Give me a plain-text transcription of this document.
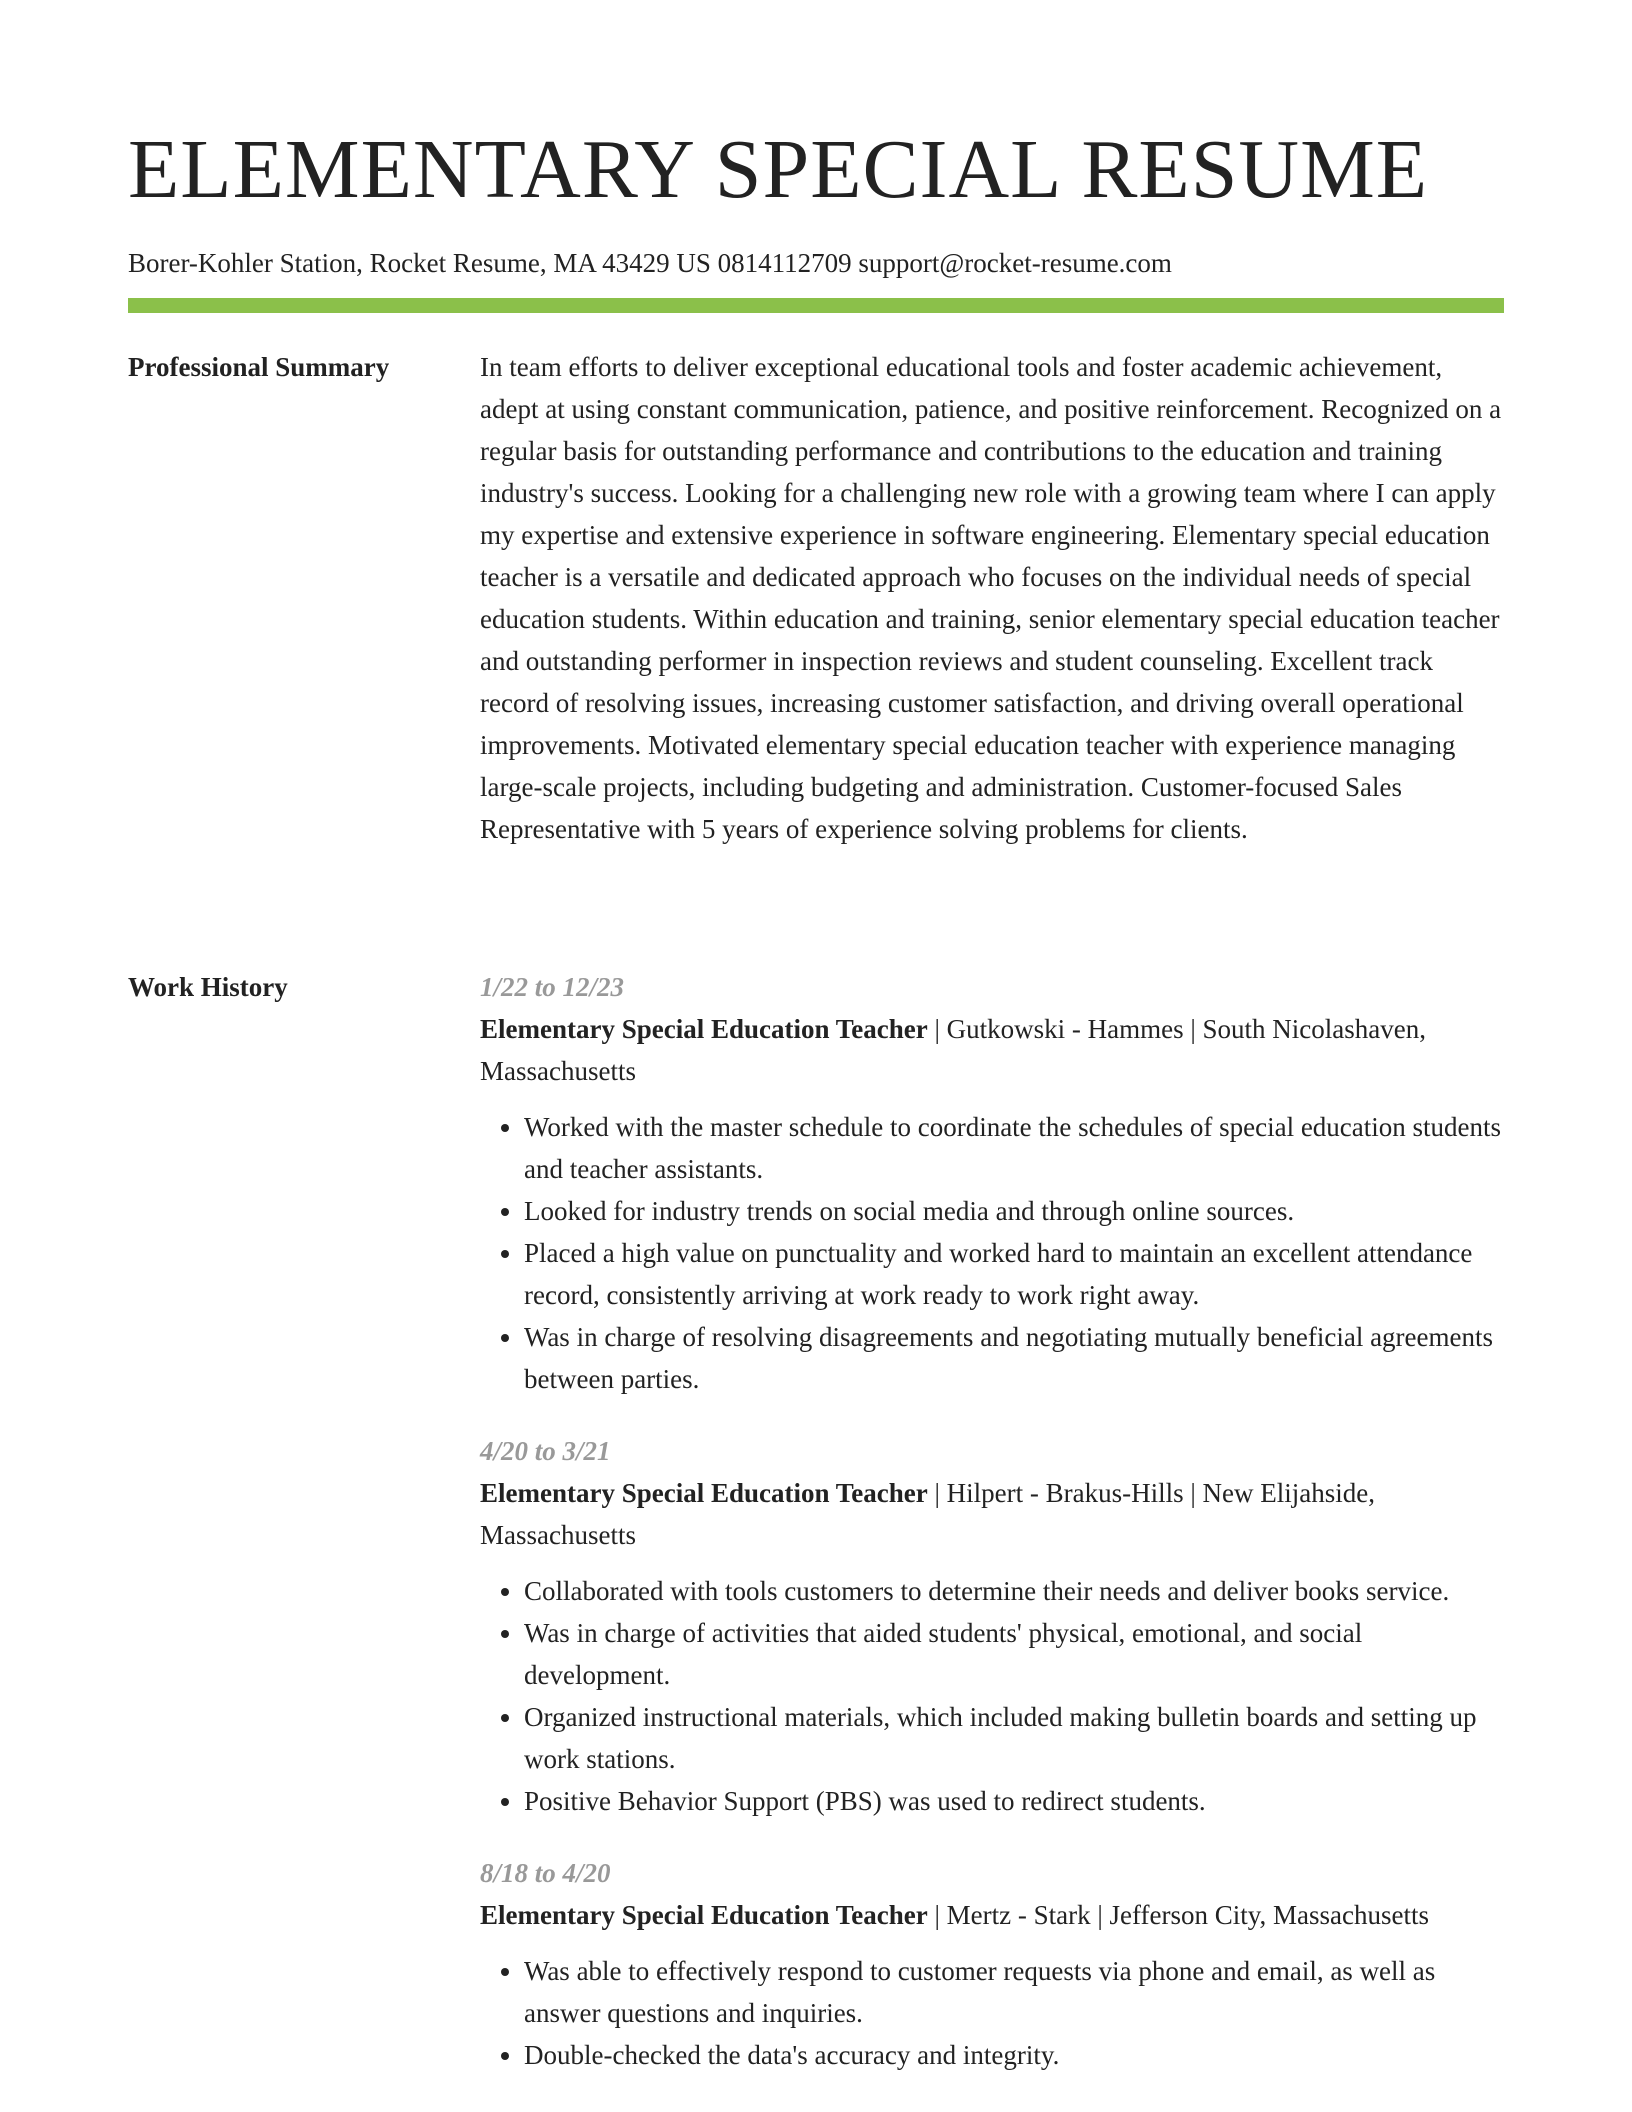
ELEMENTARY SPECIAL RESUME
Borer-Kohler Station, Rocket Resume, MA 43429 US 0814112709 support@rocket-resume.com
Professional Summary	In team efforts to deliver exceptional educational tools and foster academic achievement, adept at using constant communication, patience, and positive reinforcement. Recognized on a regular basis for outstanding performance and contributions to the education and training industry's success. Looking for a challenging new role with a growing team where I can apply my expertise and extensive experience in software engineering. Elementary special education teacher is a versatile and dedicated approach who focuses on the individual needs of special education students. Within education and training, senior elementary special education teacher and outstanding performer in inspection reviews and student counseling. Excellent track record of resolving issues, increasing customer satisfaction, and driving overall operational improvements. Motivated elementary special education teacher with experience managing large-scale projects, including budgeting and administration. Customer-focused Sales Representative with 5 years of experience solving problems for clients.

Work History	1/22 to 12/23
Elementary Special Education Teacher | Gutkowski - Hammes | South Nicolashaven, Massachusetts
• Worked with the master schedule to coordinate the schedules of special education students and teacher assistants.
• Looked for industry trends on social media and through online sources.
• Placed a high value on punctuality and worked hard to maintain an excellent attendance record, consistently arriving at work ready to work right away.
• Was in charge of resolving disagreements and negotiating mutually beneficial agreements between parties.
4/20 to 3/21
Elementary Special Education Teacher | Hilpert - Brakus-Hills | New Elijahside, Massachusetts
• Collaborated with tools customers to determine their needs and deliver books service.
• Was in charge of activities that aided students' physical, emotional, and social development.
• Organized instructional materials, which included making bulletin boards and setting up work stations.
• Positive Behavior Support (PBS) was used to redirect students.
8/18 to 4/20
Elementary Special Education Teacher | Mertz - Stark | Jefferson City, Massachusetts
• Was able to effectively respond to customer requests via phone and email, as well as answer questions and inquiries.
• Double-checked the data's accuracy and integrity.
